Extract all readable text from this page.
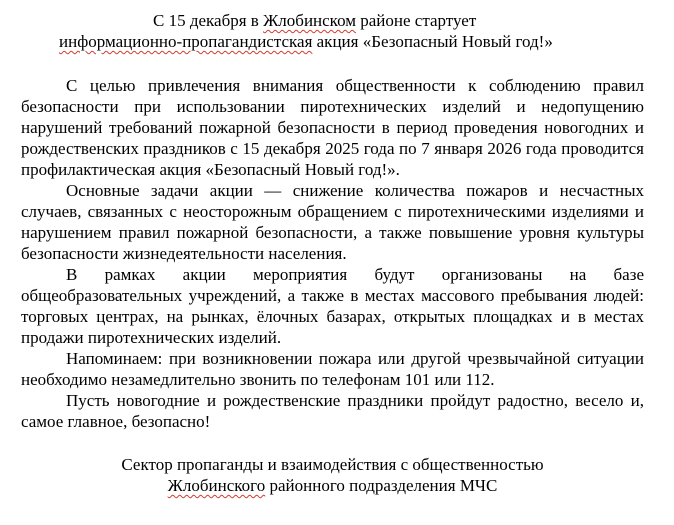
С 15 декабря в Жлобинском районе стартует
информационно-пропагандистская акция «Безопасный Новый год!»

С целью привлечения внимания общественности к соблюдению правил безопасности при использовании пиротехнических изделий и недопущению нарушений требований пожарной безопасности в период проведения новогодних и рождественских праздников с 15 декабря 2025 года по 7 января 2026 года проводится профилактическая акция «Безопасный Новый год!».

Основные задачи акции — снижение количества пожаров и несчастных случаев, связанных с неосторожным обращением с пиротехническими изделиями и нарушением правил пожарной безопасности, а также повышение уровня культуры безопасности жизнедеятельности населения.

В рамках акции мероприятия будут организованы на базе общеобразовательных учреждений, а также в местах массового пребывания людей: торговых центрах, на рынках, ёлочных базарах, открытых площадках и в местах продажи пиротехнических изделий.

Напоминаем: при возникновении пожара или другой чрезвычайной ситуации необходимо незамедлительно звонить по телефонам 101 или 112.

Пусть новогодние и рождественские праздники пройдут радостно, весело и, самое главное, безопасно!

Сектор пропаганды и взаимодействия с общественностью
Жлобинского районного подразделения МЧС
